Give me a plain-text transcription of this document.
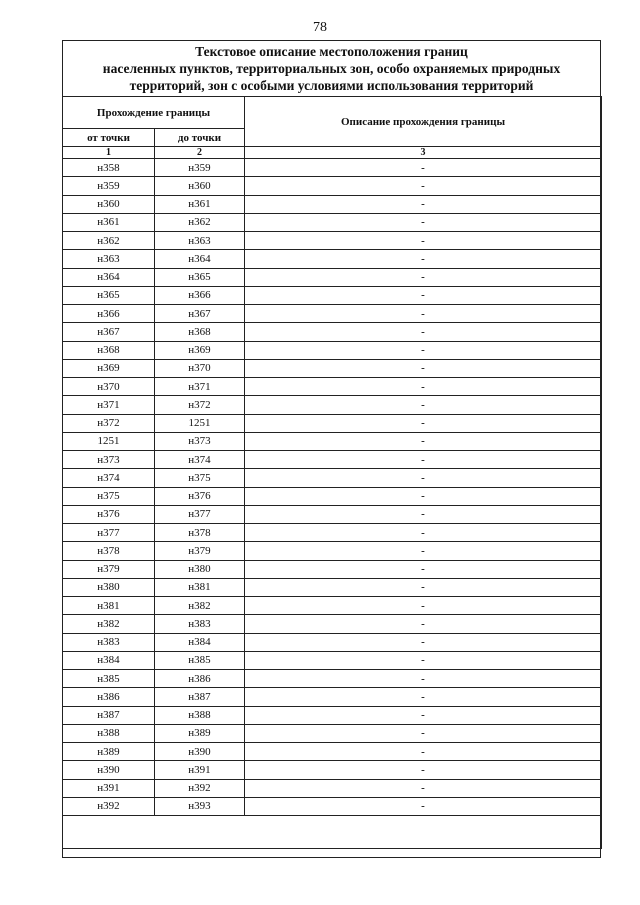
78
Текстовое описание местоположения границ
населенных пунктов, территориальных зон, особо охраняемых природных
территорий, зон с особыми условиями использования территорий
Прохождение границы		Описание прохождения границы
от точки	до точки	
1	2	3
н358	н359	-
н359	н360	-
н360	н361	-
н361	н362	-
н362	н363	-
н363	н364	-
н364	н365	-
н365	н366	-
н366	н367	-
н367	н368	-
н368	н369	-
н369	н370	-
н370	н371	-
н371	н372	-
н372	1251	-
1251	н373	-
н373	н374	-
н374	н375	-
н375	н376	-
н376	н377	-
н377	н378	-
н378	н379	-
н379	н380	-
н380	н381	-
н381	н382	-
н382	н383	-
н383	н384	-
н384	н385	-
н385	н386	-
н386	н387	-
н387	н388	-
н388	н389	-
н389	н390	-
н390	н391	-
н391	н392	-
н392	н393	-
